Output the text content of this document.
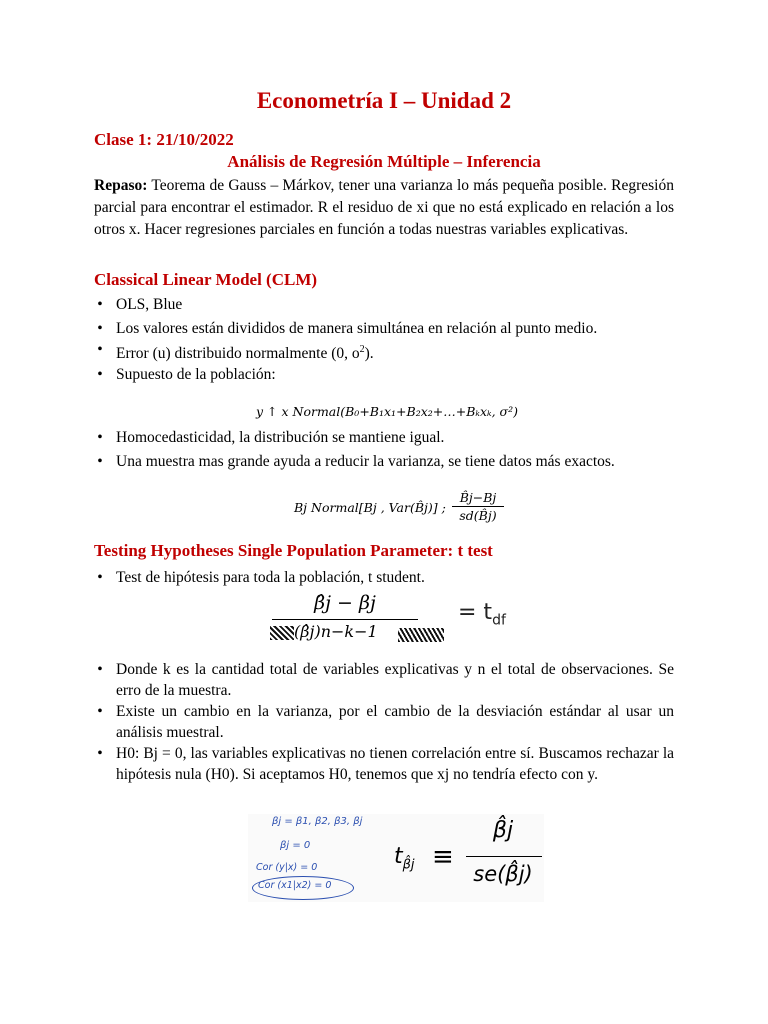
Econometría I – Unidad 2
Clase 1: 21/10/2022
Análisis de Regresión Múltiple – Inferencia
Repaso: Teorema de Gauss – Márkov, tener una varianza lo más pequeña posible. Regresión parcial para encontrar el estimador. R el residuo de xi que no está explicado en relación a los otros x. Hacer regresiones parciales en función a todas nuestras variables explicativas.
Classical Linear Model (CLM)
• OLS, Blue
• Los valores están divididos de manera simultánea en relación al punto medio.
• Error (u) distribuido normalmente (0, $o^2$).
• Supuesto de la población:
y ↑ x Normal(B₀+B₁x₁+B₂x₂+…+Bₖxₖ, σ²)
• Homocedasticidad, la distribución se mantiene igual.
• Una muestra mas grande ayuda a reducir la varianza, se tiene datos más exactos.
Bj Normal[Bj , Var(B̂j)] ; $\frac{B̂j-Bj}{sd(B̂j)}$
Testing Hypotheses Single Population Parameter: t test
• Test de hipótesis para toda la población, t student.
β̂j − βj
(β̂j)n−k−1
= $t_{df}$
• Donde k es la cantidad total de variables explicativas y n el total de observaciones. Se erro de la muestra.
• Existe un cambio en la varianza, por el cambio de la desviación estándar al usar un análisis muestral.
• H0: Bj = 0, las variables explicativas no tienen correlación entre sí. Buscamos rechazar la hipótesis nula (H0). Si aceptamos H0, tenemos que xj no tendría efecto con y.
βj = β1, β2, β3, βj
βj = 0
Cor (y|x) = 0
Cor (x1|x2) = 0
$t_{\betâj}$ ≡
β̂j
se(β̂j)
